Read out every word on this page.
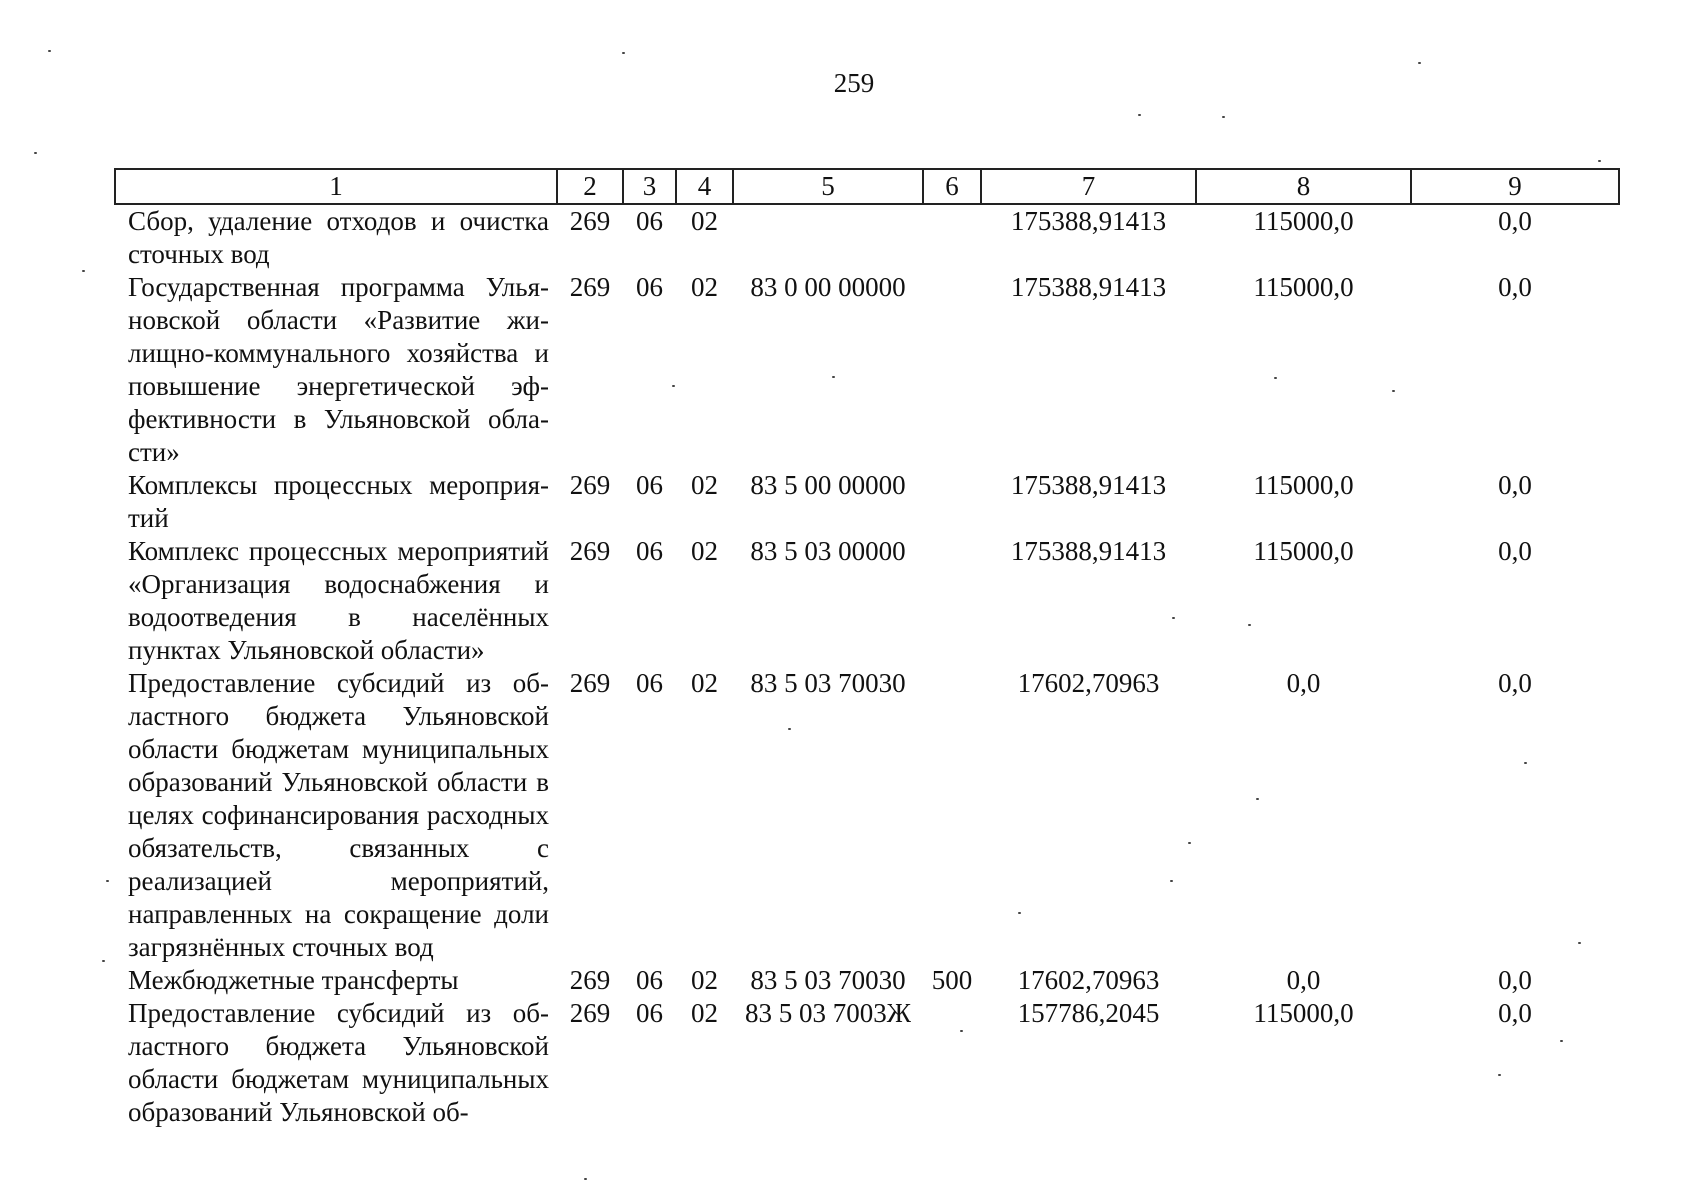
259
1	2	3	4	5	6	7	8	9
Сбор, удаление отходов и очистка сточных вод	269	06	02			175388,91413	115000,0	0,0
Государственная программа Ульяновской области «Развитие жилищно-коммунального хозяйства и повышение энергетической эффективности в Ульяновской области»	269	06	02	83 0 00 00000		175388,91413	115000,0	0,0
Комплексы процессных мероприятий	269	06	02	83 5 00 00000		175388,91413	115000,0	0,0
Комплекс процессных мероприятий «Организация водоснабжения и водоотведения в населённых пунктах Ульяновской области»	269	06	02	83 5 03 00000		175388,91413	115000,0	0,0
Предоставление субсидий из областного бюджета Ульяновской области бюджетам муниципальных образований Ульяновской области в целях софинансирования расходных обязательств, связанных с реализацией мероприятий, направленных на сокращение доли загрязнённых сточных вод	269	06	02	83 5 03 70030		17602,70963	0,0	0,0
Межбюджетные трансферты	269	06	02	83 5 03 70030	500	17602,70963	0,0	0,0
Предоставление субсидий из областного бюджета Ульяновской области бюджетам муниципальных образований Ульяновской об-	269	06	02	83 5 03 7003Ж		157786,2045	115000,0	0,0
